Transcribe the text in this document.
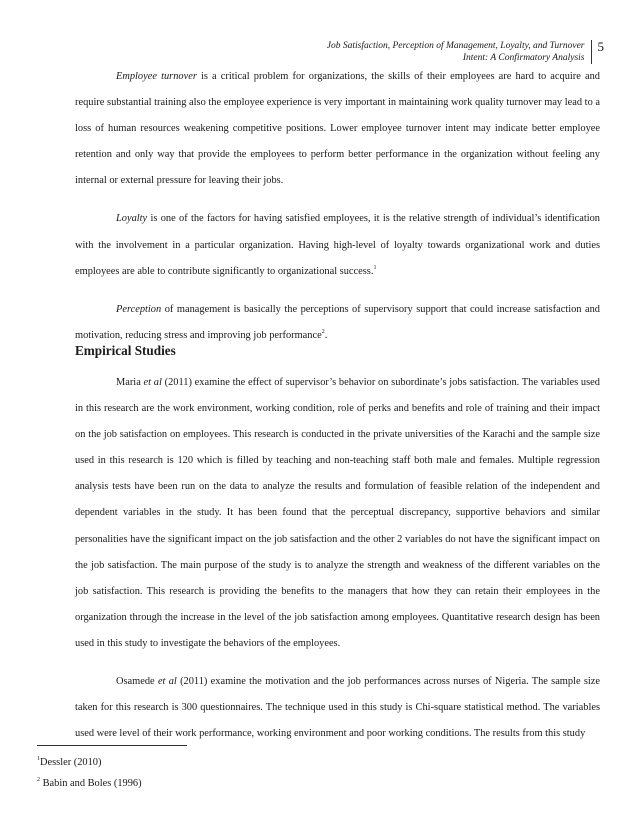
Job Satisfaction, Perception of Management, Loyalty, and Turnover
Intent: A Confirmatory Analysis
5

Employee turnover is a critical problem for organizations, the skills of their employees are hard to acquire and require substantial training also the employee experience is very important in maintaining work quality turnover may lead to a loss of human resources weakening competitive positions. Lower employee turnover intent may indicate better employee retention and only way that provide the employees to perform better performance in the organization without feeling any internal or external pressure for leaving their jobs.

Loyalty is one of the factors for having satisfied employees, it is the relative strength of individual’s identification with the involvement in a particular organization. Having high-level of loyalty towards organizational work and duties employees are able to contribute significantly to organizational success.$^1$

Perception of management is basically the perceptions of supervisory support that could increase satisfaction and motivation, reducing stress and improving job performance$^2$.

Empirical Studies

Maria et al (2011) examine the effect of supervisor’s behavior on subordinate’s jobs satisfaction. The variables used in this research are the work environment, working condition, role of perks and benefits and role of training and their impact on the job satisfaction on employees. This research is conducted in the private universities of the Karachi and the sample size used in this research is 120 which is filled by teaching and non-teaching staff both male and females. Multiple regression analysis tests have been run on the data to analyze the results and formulation of feasible relation of the independent and dependent variables in the study. It has been found that the perceptual discrepancy, supportive behaviors and similar personalities have the significant impact on the job satisfaction and the other 2 variables do not have the significant impact on the job satisfaction. The main purpose of the study is to analyze the strength and weakness of the different variables on the job satisfaction. This research is providing the benefits to the managers that how they can retain their employees in the organization through the increase in the level of the job satisfaction among employees. Quantitative research design has been used in this study to investigate the behaviors of the employees.

Osamede et al (2011) examine the motivation and the job performances across nurses of Nigeria. The sample size taken for this research is 300 questionnaires. The technique used in this study is Chi-square statistical method. The variables used were level of their work performance, working environment and poor working conditions. The results from this study

$^1$Dessler (2010)
$^2$ Babin and Boles (1996)
